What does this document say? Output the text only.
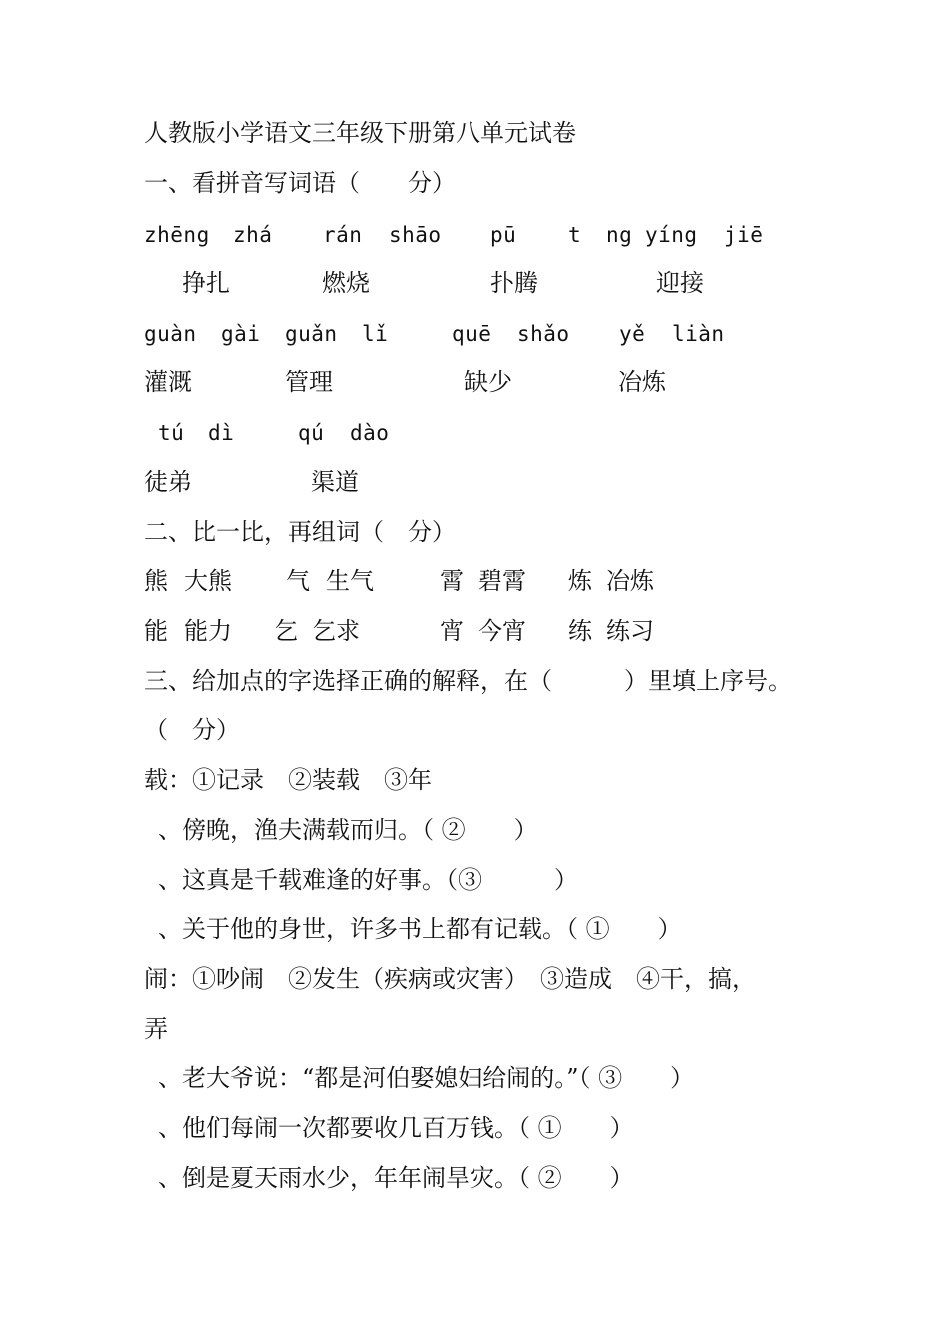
人教版小学语文三年级下册第八单元试卷
一、看拼音写词语（　　分）
zhēng zhá rán shāo pū t ng yíng jiē
挣扎	燃烧	扑腾	迎接
guàn gài guǎn lǐ	quē shǎo yě liàn
灌溉	管理	缺少	冶炼
tú dì	qú dào
徒弟	渠道
二、比一比，再组词（　分）
熊 大熊 气 生气	霄 碧霄 炼 冶炼
能 能力 乞 乞求	宵 今宵 练 练习
三、给加点的字选择正确的解释，在（　　　）里填上序号。
（　分）
载：①记录　②装载　③年
、傍晚，渔夫满载而归。（ ②　　）
、这真是千载难逢的好事。（③　　　）
、关于他的身世，许多书上都有记载。（ ①　　）
闹：①吵闹　②发生（疾病或灾害）　③造成　④干，搞，
弄
、老大爷说：“都是河伯娶媳妇给闹的。”（ ③　　）
、他们每闹一次都要收几百万钱。（ ①　　）
、倒是夏天雨水少，年年闹旱灾。（ ②　　）
